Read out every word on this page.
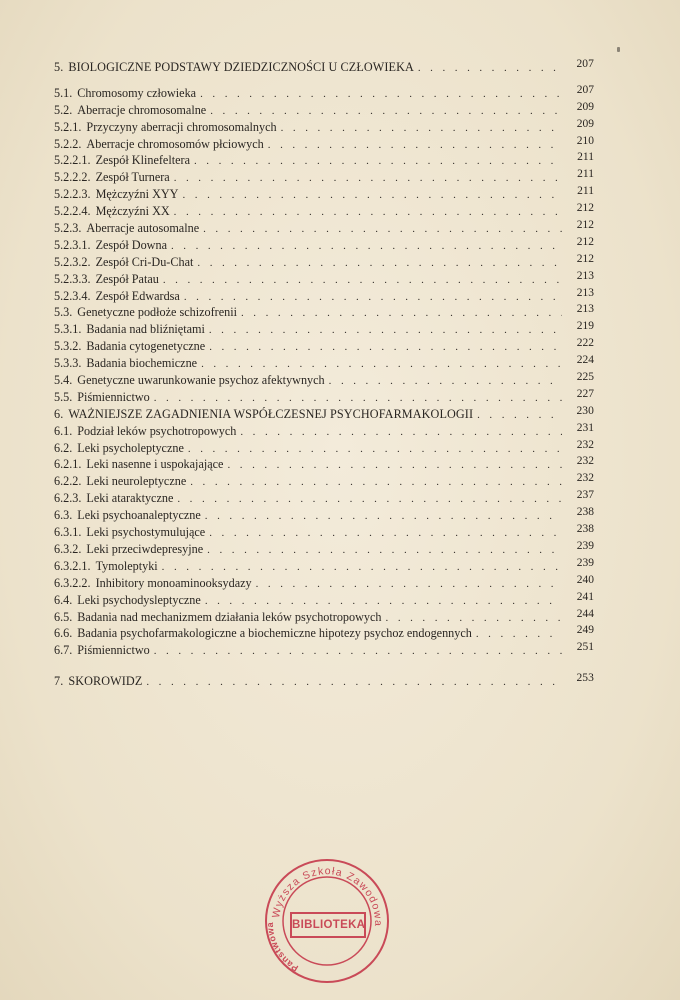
5. BIOLOGICZNE PODSTAWY DZIEDZICZNOŚCI U CZŁOWIEKA . . .	207
5.1. Chromosomy człowieka . . .	207
5.2. Aberracje chromosomalne . . .	209
5.2.1. Przyczyny aberracji chromosomalnych . . .	209
5.2.2. Aberracje chromosomów płciowych . . .	210
5.2.2.1. Zespół Klinefeltera . . .	211
5.2.2.2. Zespół Turnera . . .	211
5.2.2.3. Mężczyźni XYY . . .	211
5.2.2.4. Mężczyźni XX . . .	212
5.2.3. Aberracje autosomalne . . .	212
5.2.3.1. Zespół Downa . . .	212
5.2.3.2. Zespół Cri-Du-Chat . . .	212
5.2.3.3. Zespół Patau . . .	213
5.2.3.4. Zespół Edwardsa . . .	213
5.3. Genetyczne podłoże schizofrenii . . .	213
5.3.1. Badania nad bliźniętami . . .	219
5.3.2. Badania cytogenetyczne . . .	222
5.3.3. Badania biochemiczne . . .	224
5.4. Genetyczne uwarunkowanie psychoz afektywnych . . .	225
5.5. Piśmiennictwo . . .	227
6. WAŻNIEJSZE ZAGADNIENIA WSPÓŁCZESNEJ PSYCHOFARMAKOLOGII . . .	230
6.1. Podział leków psychotropowych . . .	231
6.2. Leki psycholeptyczne . . .	232
6.2.1. Leki nasenne i uspokajające . . .	232
6.2.2. Leki neuroleptyczne . . .	232
6.2.3. Leki ataraktyczne . . .	237
6.3. Leki psychoanaleptyczne . . .	238
6.3.1. Leki psychostymulujące . . .	238
6.3.2. Leki przeciwdepresyjne . . .	239
6.3.2.1. Tymoleptyki . . .	239
6.3.2.2. Inhibitory monoaminooksydazy . . .	240
6.4. Leki psychodysleptyczne . . .	241
6.5. Badania nad mechanizmem działania leków psychotropowych . . .	244
6.6. Badania psychofarmakologiczne a biochemiczne hipotezy psychoz endogennych . . .	249
6.7. Piśmiennictwo . . .	251
7. SKOROWIDZ . . .	253
Wyższa Szkoła Zawodowa
Państwowa	BIBLIOTEKA
